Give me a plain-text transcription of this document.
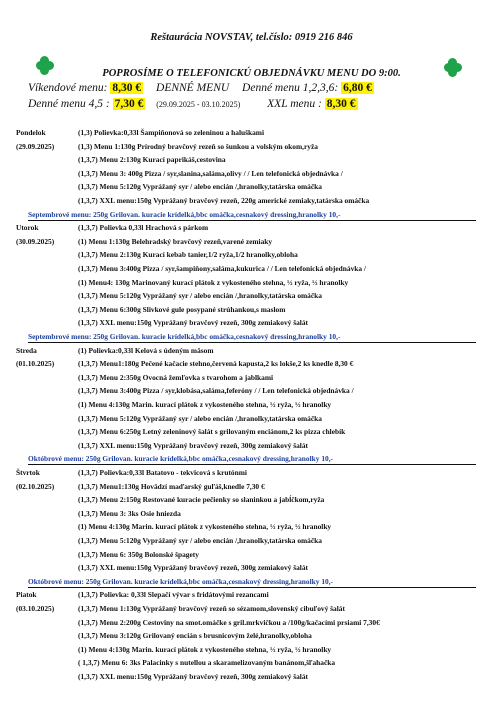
Reštaurácia NOVSTAV, tel.číslo: 0919 216 846
POPROSÍME O TELEFONICKÚ OBJEDNÁVKU MENU DO 9:00.
Víkendové menu: 8,30 € DENNÉ MENU Denné menu 1,2,3,6: 6,80 €
Denné menu 4,5 : 7,30 € (29.09.2025 - 03.10.2025) XXL menu : 8,30 €
Pondelok	(1,3) Polievka:0,33l Šampiňonová so zeleninou a haluškami
(29.09.2025)	(1,3) Menu 1:130g Prírodný bravčový rezeň so šunkou a volským okom,ryža
(1,3,7) Menu 2:130g Kurací paprikáš,cestovina
(1,3,7) Menu 3: 400g Pizza / syr,slanina,saláma,olivy / / Len telefonická objednávka /
(1,3,7) Menu 5:120g Vyprážaný syr / alebo encián /,hranolky,tatárska omáčka
(1,3,7) XXL menu:150g Vyprážaný bravčový rezeň, 220g americké zemiaky,tatárska omáčka
Septembrové menu: 250g Grilovan. kuracie krídelká,bbc omáčka,cesnakový dressing,hranolky 10,-
Utorok	(1,3,7) Polievka 0,33l Hrachová s párkom
(30.09.2025)	(1) Menu 1:130g Belehradský bravčový rezeň,varené zemiaky
(1,3,7) Menu 2:130g Kurací kebab tanier,1/2 ryža,1/2 hranolky,obloha
(1,3,7) Menu 3:400g Pizza / syr,šampiňony,saláma,kukurica / / Len telefonická objednávka /
(1) Menu4: 130g Marinovaný kurací plátok z vykosteného stehna, ½ ryža, ½ hranolky
(1,3,7) Menu 5:120g Vyprážaný syr / alebo encián /,hranolky,tatárska omáčka
(1,3,7) Menu 6:300g Slivkové gule posypané strúhankou,s maslom
(1,3,7) XXL menu:150g Vyprážaný bravčový rezeň, 300g zemiakový šalát
Septembrové menu: 250g Grilovan. kuracie krídelká,bbc omáčka,cesnakový dressing,hranolky 10,-
Streda	(1) Polievka:0,33l Kelová s údeným mäsom
(01.10.2025)	(1,3,7) Menu1:180g Pečené kačacie stehno,červená kapusta,2 ks lokše,2 ks knedle 8,30 €
(1,3,7) Menu 2:350g Ovocná žemľovka s tvarohom a jablkami
(1,3,7) Menu 3:400g Pizza / syr,klobása,saláma,feferóny / / Len telefonická objednávka /
(1) Menu 4:130g Marin. kurací plátok z vykosteného stehna, ½ ryža, ½ hranolky
(1,3,7) Menu 5:120g Vyprážaný syr / alebo encián /,hranolky,tatárska omáčka
(1,3,7) Menu 6:250g Letný zeleninový šalát s grilovaným enciánom,2 ks pizza chlebík
(1,3,7) XXL menu:150g Vyprážaný bravčový rezeň, 300g zemiakový šalát
Októbrové menu: 250g Grilovan. kuracie krídelká,bbc omáčka,cesnakový dressing,hranolky 10,-
Štvrtok	(1,3,7) Polievka:0,33l Batatovo - tekvicová s krutónmi
(02.10.2025)	(1,3,7) Menu1:130g Hovädzí maďarský guľáš,knedle 7,30 €
(1,3,7) Menu 2:150g Restované kuracie pečienky so slaninkou a jabĺčkom,ryža
(1,3,7) Menu 3: 3ks Osie hniezda
(1) Menu 4:130g Marin. kurací plátok z vykosteného stehna, ½ ryža, ½ hranolky
(1,3,7) Menu 5:120g Vyprážaný syr / alebo encián /,hranolky,tatárska omáčka
(1,3,7) Menu 6: 350g Bolonské špagety
(1,3,7) XXL menu:150g Vyprážaný bravčový rezeň, 300g zemiakový šalát
Októbrové menu: 250g Grilovan. kuracie krídelká,bbc omáčka,cesnakový dressing,hranolky 10,-
Piatok	(1,3,7) Polievka: 0,33l Slepačí vývar s fridátovými rezancami
(03.10.2025)	(1,3,7) Menu 1:130g Vyprážaný bravčový rezeň so sézamom,slovenský cibuľový šalát
(1,3,7) Menu 2:200g Cestoviny na smot.omáčke s gril.mrkvičkou a /100g/kačacími prsiami 7,30€
(1,3,7) Menu 3:120g Grilovaný encián s brusnicovým želé,hranolky,obloha
(1) Menu 4:130g Marin. kurací plátok z vykosteného stehna, ½ ryža, ½ hranolky
( 1,3,7) Menu 6: 3ks Palacinky s nutellou a skaramelizovaným banánom,šľahačka
(1,3,7) XXL menu:150g Vyprážaný bravčový rezeň, 300g zemiakový šalát
